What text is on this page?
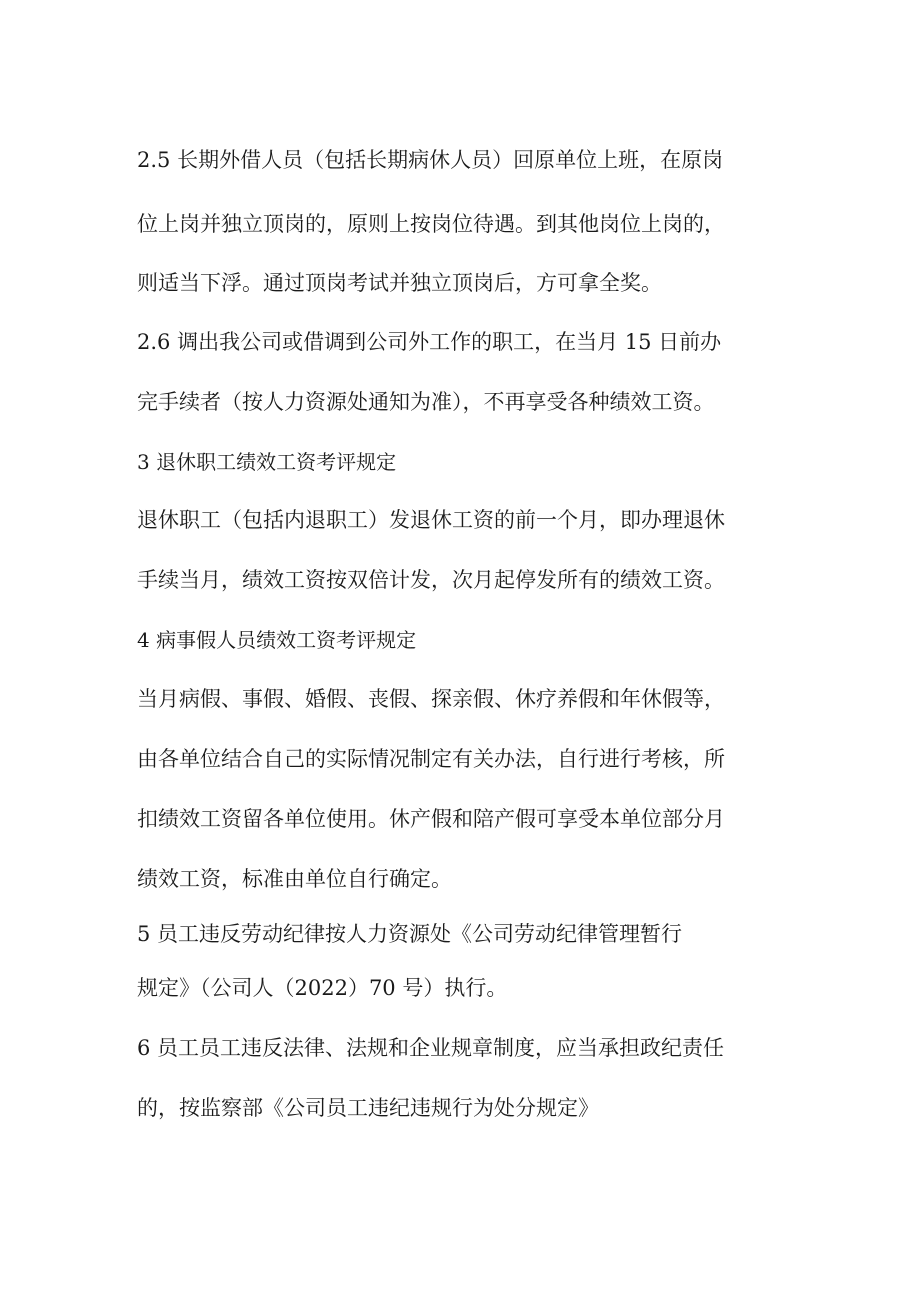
2.5 长期外借人员（包括长期病休人员）回原单位上班，在原岗
位上岗并独立顶岗的，原则上按岗位待遇。到其他岗位上岗的，
则适当下浮。通过顶岗考试并独立顶岗后，方可拿全奖。
2.6 调出我公司或借调到公司外工作的职工，在当月 15 日前办
完手续者（按人力资源处通知为准），不再享受各种绩效工资。
3 退休职工绩效工资考评规定
退休职工（包括内退职工）发退休工资的前一个月，即办理退休
手续当月，绩效工资按双倍计发，次月起停发所有的绩效工资。
4 病事假人员绩效工资考评规定
当月病假、事假、婚假、丧假、探亲假、休疗养假和年休假等，
由各单位结合自己的实际情况制定有关办法，自行进行考核，所
扣绩效工资留各单位使用。休产假和陪产假可享受本单位部分月
绩效工资，标准由单位自行确定。
5 员工违反劳动纪律按人力资源处《公司劳动纪律管理暂行
规定》（公司人（2022）70 号）执行。
6 员工员工违反法律、法规和企业规章制度，应当承担政纪责任
的，按监察部《公司员工违纪违规行为处分规定》
